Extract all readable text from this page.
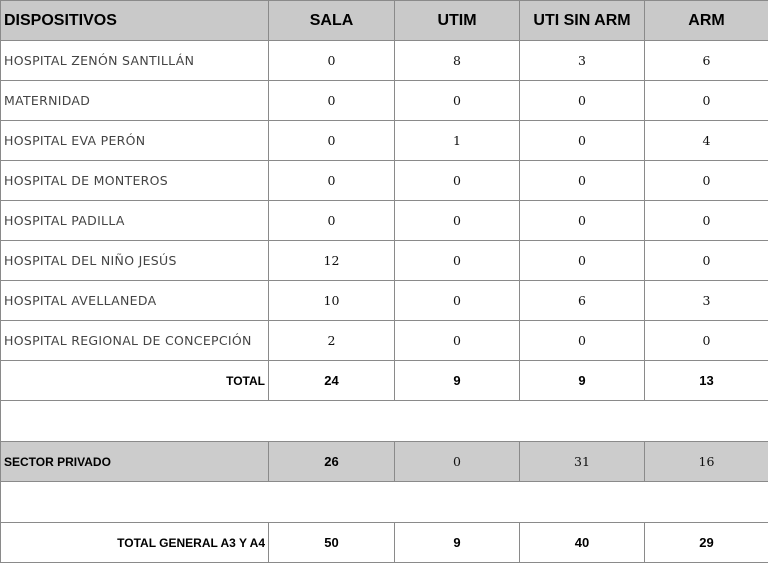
DISPOSITIVOS	SALA	UTIM	UTI SIN ARM	ARM
HOSPITAL ZENÓN SANTILLÁN	0	8	3	6
MATERNIDAD	0	0	0	0
HOSPITAL EVA PERÓN	0	1	0	4
HOSPITAL DE MONTEROS	0	0	0	0
HOSPITAL PADILLA	0	0	0	0
HOSPITAL DEL NIÑO JESÚS	12	0	0	0
HOSPITAL AVELLANEDA	10	0	6	3
HOSPITAL REGIONAL DE CONCEPCIÓN	2	0	0	0
TOTAL	24	9	9	13

SECTOR PRIVADO	26	0	31	16

TOTAL GENERAL A3 Y A4	50	9	40	29
